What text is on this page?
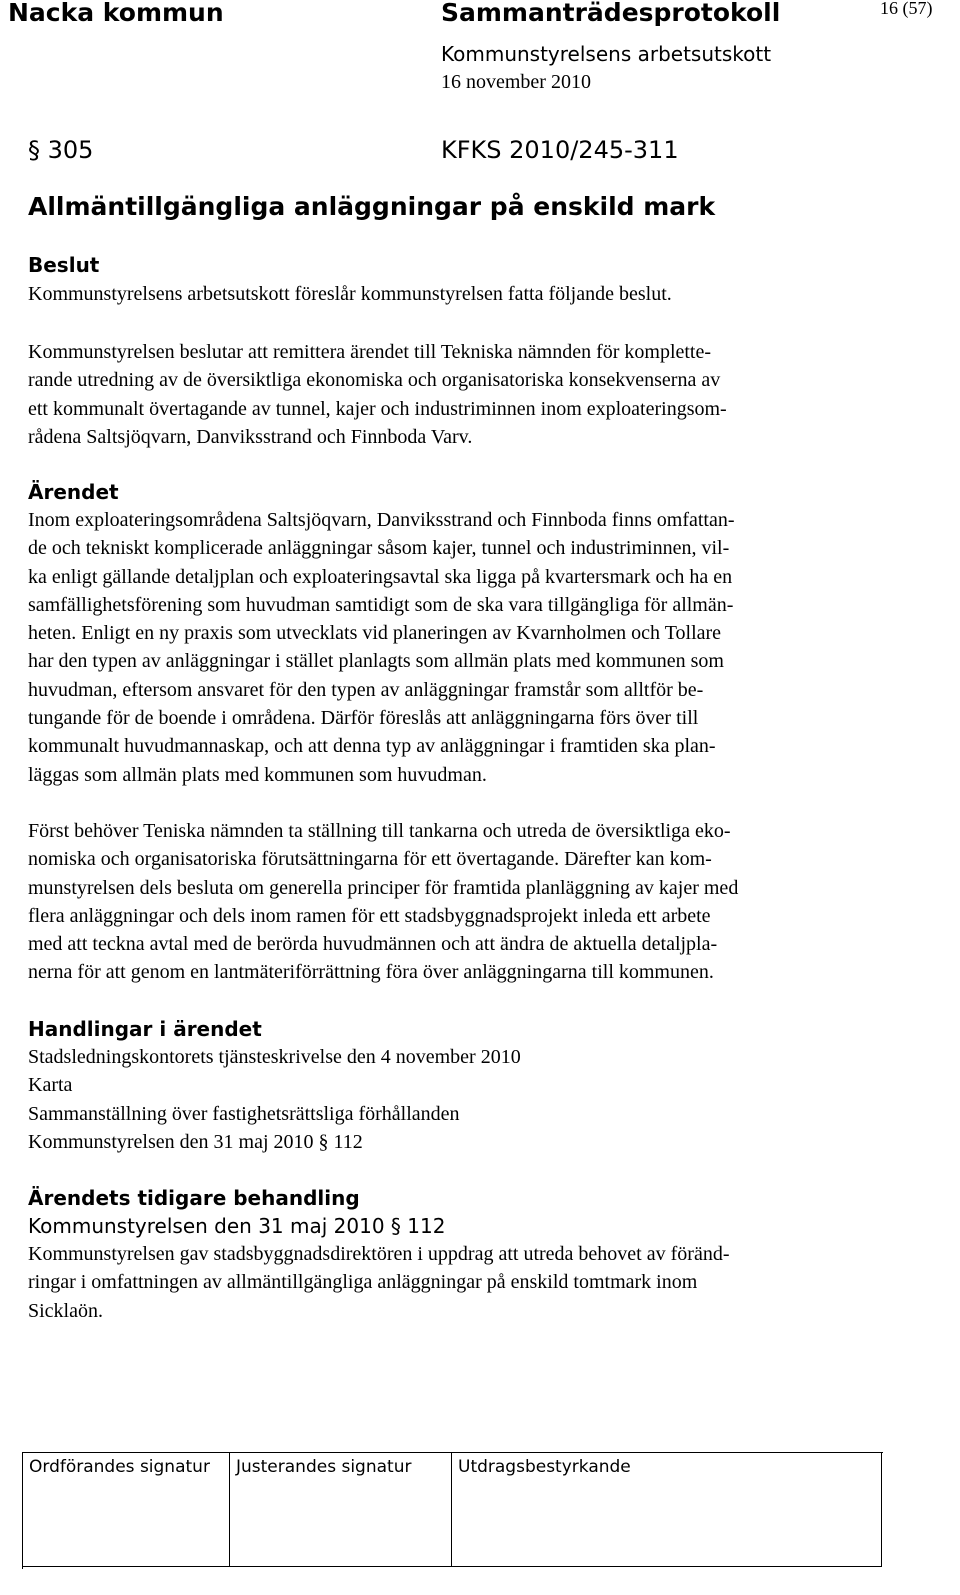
Nacka kommun	Sammanträdesprotokoll	16 (57)
Kommunstyrelsens arbetsutskott
16 november 2010
§ 305	KFKS 2010/245-311
Allmäntillgängliga anläggningar på enskild mark
Beslut
Kommunstyrelsens arbetsutskott föreslår kommunstyrelsen fatta följande beslut.
Kommunstyrelsen beslutar att remittera ärendet till Tekniska nämnden för komplette-
rande utredning av de översiktliga ekonomiska och organisatoriska konsekvenserna av
ett kommunalt övertagande av tunnel, kajer och industriminnen inom exploateringsom-
rådena Saltsjöqvarn, Danviksstrand och Finnboda Varv.
Ärendet
Inom exploateringsområdena Saltsjöqvarn, Danviksstrand och Finnboda finns omfattan-
de och tekniskt komplicerade anläggningar såsom kajer, tunnel och industriminnen, vil-
ka enligt gällande detaljplan och exploateringsavtal ska ligga på kvartersmark och ha en
samfällighetsförening som huvudman samtidigt som de ska vara tillgängliga för allmän-
heten. Enligt en ny praxis som utvecklats vid planeringen av Kvarnholmen och Tollare
har den typen av anläggningar i stället planlagts som allmän plats med kommunen som
huvudman, eftersom ansvaret för den typen av anläggningar framstår som alltför be-
tungande för de boende i områdena. Därför föreslås att anläggningarna förs över till
kommunalt huvudmannaskap, och att denna typ av anläggningar i framtiden ska plan-
läggas som allmän plats med kommunen som huvudman.
Först behöver Teniska nämnden ta ställning till tankarna och utreda de översiktliga eko-
nomiska och organisatoriska förutsättningarna för ett övertagande. Därefter kan kom-
munstyrelsen dels besluta om generella principer för framtida planläggning av kajer med
flera anläggningar och dels inom ramen för ett stadsbyggnadsprojekt inleda ett arbete
med att teckna avtal med de berörda huvudmännen och att ändra de aktuella detaljpla-
nerna för att genom en lantmäteriförrättning föra över anläggningarna till kommunen.
Handlingar i ärendet
Stadsledningskontorets tjänsteskrivelse den 4 november 2010
Karta
Sammanställning över fastighetsrättsliga förhållanden
Kommunstyrelsen den 31 maj 2010 § 112
Ärendets tidigare behandling
Kommunstyrelsen den 31 maj 2010 § 112
Kommunstyrelsen gav stadsbyggnadsdirektören i uppdrag att utreda behovet av föränd-
ringar i omfattningen av allmäntillgängliga anläggningar på enskild tomtmark inom
Sicklaön.
Ordförandes signatur Justerandes signatur	Utdragsbestyrkande
